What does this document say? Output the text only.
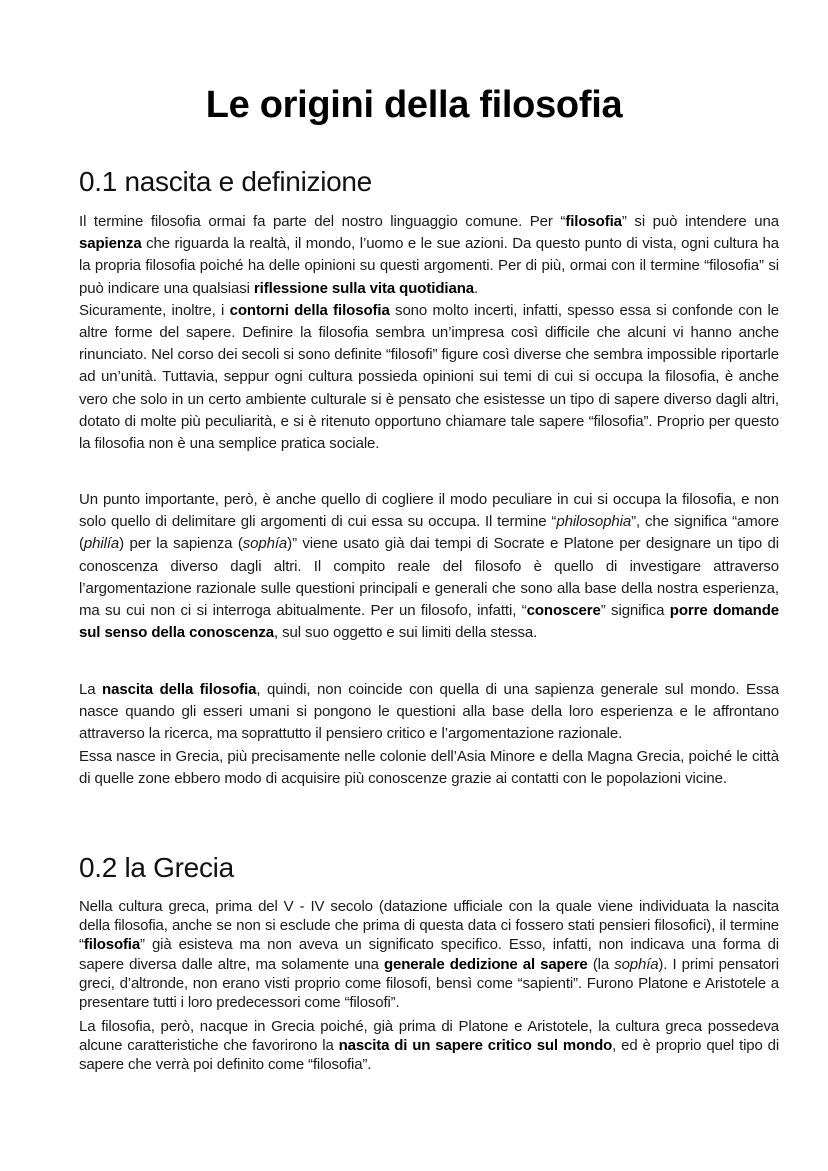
Le origini della filosofia
0.1 nascita e definizione

Il termine filosofia ormai fa parte del nostro linguaggio comune. Per “filosofia” si può intendere una sapienza che riguarda la realtà, il mondo, l’uomo e le sue azioni. Da questo punto di vista, ogni cultura ha la propria filosofia poiché ha delle opinioni su questi argomenti. Per di più, ormai con il termine “filosofia” si può indicare una qualsiasi riflessione sulla vita quotidiana.
Sicuramente, inoltre, i contorni della filosofia sono molto incerti, infatti, spesso essa si confonde con le altre forme del sapere. Definire la filosofia sembra un’impresa così difficile che alcuni vi hanno anche rinunciato. Nel corso dei secoli si sono definite “filosofi” figure così diverse che sembra impossible riportarle ad un’unità. Tuttavia, seppur ogni cultura possieda opinioni sui temi di cui si occupa la filosofia, è anche vero che solo in un certo ambiente culturale si è pensato che esistesse un tipo di sapere diverso dagli altri, dotato di molte più peculiarità, e si è ritenuto opportuno chiamare tale sapere “filosofia”. Proprio per questo la filosofia non è una semplice pratica sociale.

Un punto importante, però, è anche quello di cogliere il modo peculiare in cui si occupa la filosofia, e non solo quello di delimitare gli argomenti di cui essa su occupa. Il termine “philosophia”, che significa “amore (philía) per la sapienza (sophía)” viene usato già dai tempi di Socrate e Platone per designare un tipo di conoscenza diverso dagli altri. Il compito reale del filosofo è quello di investigare attraverso l’argomentazione razionale sulle questioni principali e generali che sono alla base della nostra esperienza, ma su cui non ci si interroga abitualmente. Per un filosofo, infatti, “conoscere” significa porre domande sul senso della conoscenza, sul suo oggetto e sui limiti della stessa.

La nascita della filosofia, quindi, non coincide con quella di una sapienza generale sul mondo. Essa nasce quando gli esseri umani si pongono le questioni alla base della loro esperienza e le affrontano attraverso la ricerca, ma soprattutto il pensiero critico e l’argomentazione razionale.
Essa nasce in Grecia, più precisamente nelle colonie dell’Asia Minore e della Magna Grecia, poiché le città di quelle zone ebbero modo di acquisire più conoscenze grazie ai contatti con le popolazioni vicine.

0.2 la Grecia

Nella cultura greca, prima del V - IV secolo (datazione ufficiale con la quale viene individuata la nascita della filosofia, anche se non si esclude che prima di questa data ci fossero stati pensieri filosofici), il termine “filosofia” già esisteva ma non aveva un significato specifico. Esso, infatti, non indicava una forma di sapere diversa dalle altre, ma solamente una generale dedizione al sapere (la sophía). I primi pensatori greci, d’altronde, non erano visti proprio come filosofi, bensì come “sapienti”. Furono Platone e Aristotele a presentare tutti i loro predecessori come “filosofi”.

La filosofia, però, nacque in Grecia poiché, già prima di Platone e Aristotele, la cultura greca possedeva alcune caratteristiche che favorirono la nascita di un sapere critico sul mondo, ed è proprio quel tipo di sapere che verrà poi definito come “filosofia”.
